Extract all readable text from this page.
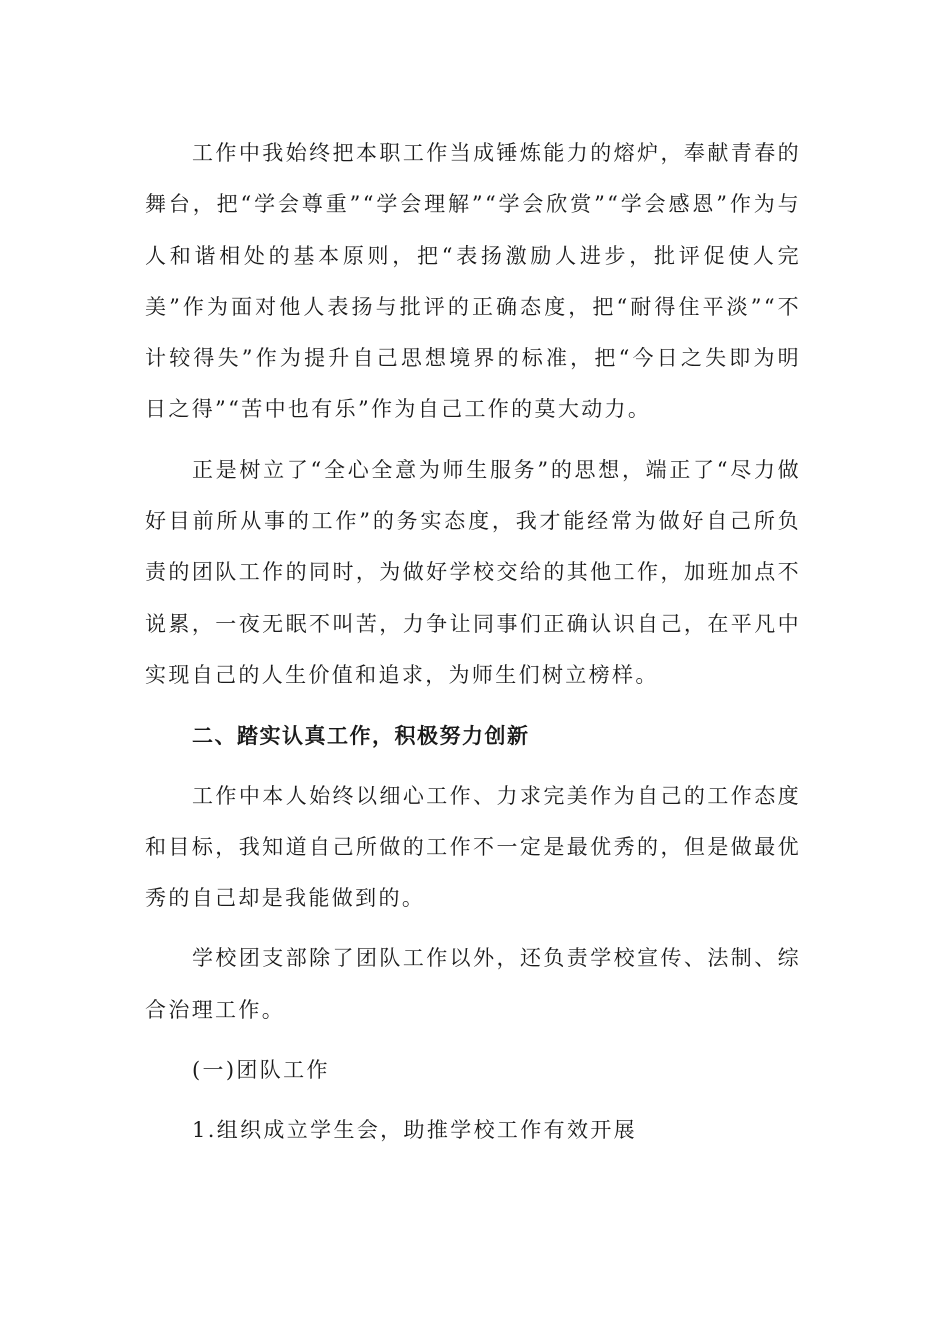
工作中我始终把本职工作当成锤炼能力的熔炉，奉献青春的舞台，把“学会尊重”“学会理解”“学会欣赏”“学会感恩”作为与人和谐相处的基本原则，把“表扬激励人进步，批评促使人完美”作为面对他人表扬与批评的正确态度，把“耐得住平淡”“不计较得失”作为提升自己思想境界的标准，把“今日之失即为明日之得”“苦中也有乐”作为自己工作的莫大动力。

正是树立了“全心全意为师生服务”的思想，端正了“尽力做好目前所从事的工作”的务实态度，我才能经常为做好自己所负责的团队工作的同时，为做好学校交给的其他工作，加班加点不说累，一夜无眠不叫苦，力争让同事们正确认识自己，在平凡中实现自己的人生价值和追求，为师生们树立榜样。

二、踏实认真工作，积极努力创新

工作中本人始终以细心工作、力求完美作为自己的工作态度和目标，我知道自己所做的工作不一定是最优秀的，但是做最优秀的自己却是我能做到的。

学校团支部除了团队工作以外，还负责学校宣传、法制、综合治理工作。

(一)团队工作

1.组织成立学生会，助推学校工作有效开展
